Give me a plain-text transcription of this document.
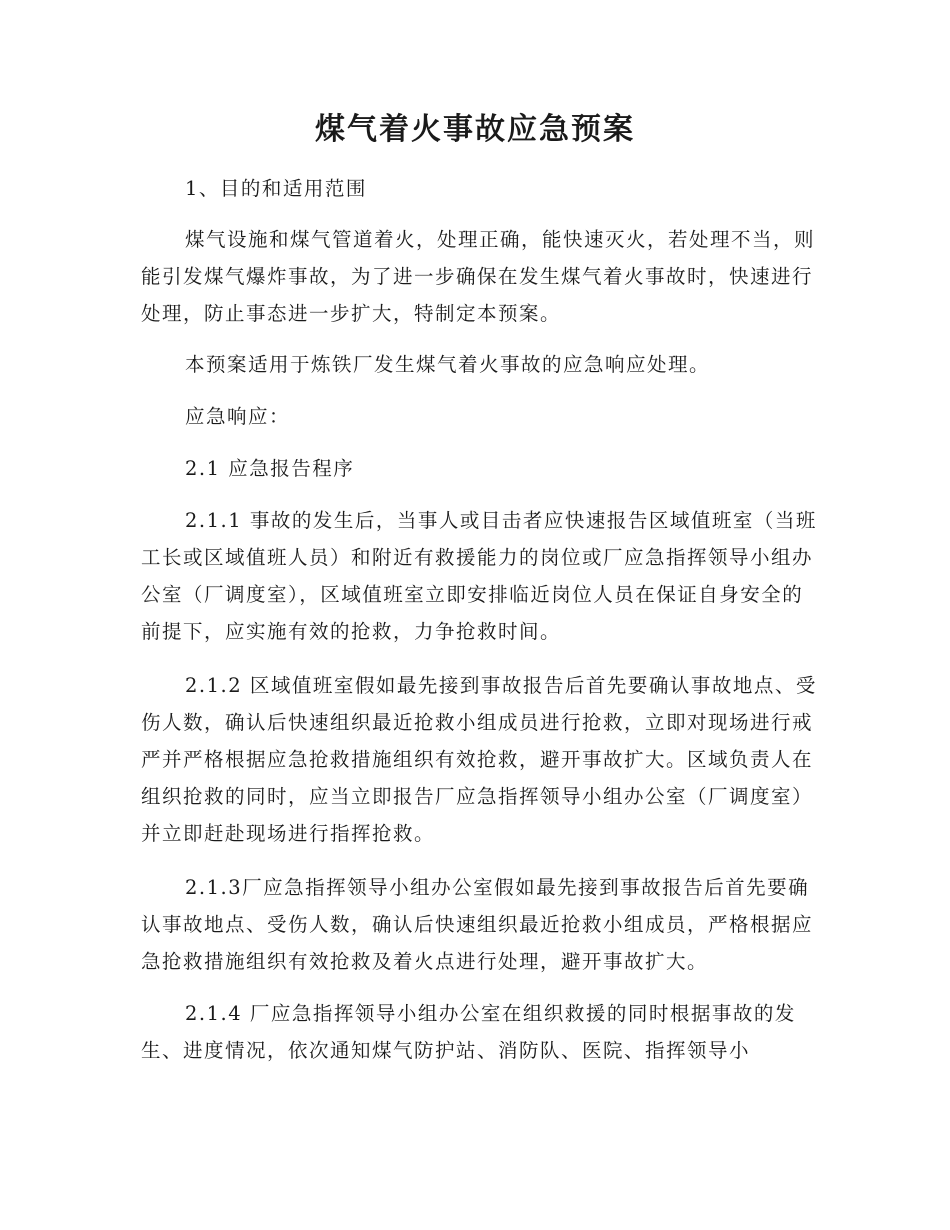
煤气着火事故应急预案
1、目的和适用范围
煤气设施和煤气管道着火，处理正确，能快速灭火，若处理不当，则能引发煤气爆炸事故，为了进一步确保在发生煤气着火事故时，快速进行处理，防止事态进一步扩大，特制定本预案。
本预案适用于炼铁厂发生煤气着火事故的应急响应处理。
应急响应：
2.1 应急报告程序
2.1.1 事故的发生后，当事人或目击者应快速报告区域值班室（当班工长或区域值班人员）和附近有救援能力的岗位或厂应急指挥领导小组办公室（厂调度室），区域值班室立即安排临近岗位人员在保证自身安全的前提下，应实施有效的抢救，力争抢救时间。
2.1.2 区域值班室假如最先接到事故报告后首先要确认事故地点、受伤人数，确认后快速组织最近抢救小组成员进行抢救，立即对现场进行戒严并严格根据应急抢救措施组织有效抢救，避开事故扩大。区域负责人在组织抢救的同时，应当立即报告厂应急指挥领导小组办公室（厂调度室）并立即赶赴现场进行指挥抢救。
2.1.3厂应急指挥领导小组办公室假如最先接到事故报告后首先要确认事故地点、受伤人数，确认后快速组织最近抢救小组成员，严格根据应急抢救措施组织有效抢救及着火点进行处理，避开事故扩大。
2.1.4 厂应急指挥领导小组办公室在组织救援的同时根据事故的发生、进度情况，依次通知煤气防护站、消防队、医院、指挥领导小
